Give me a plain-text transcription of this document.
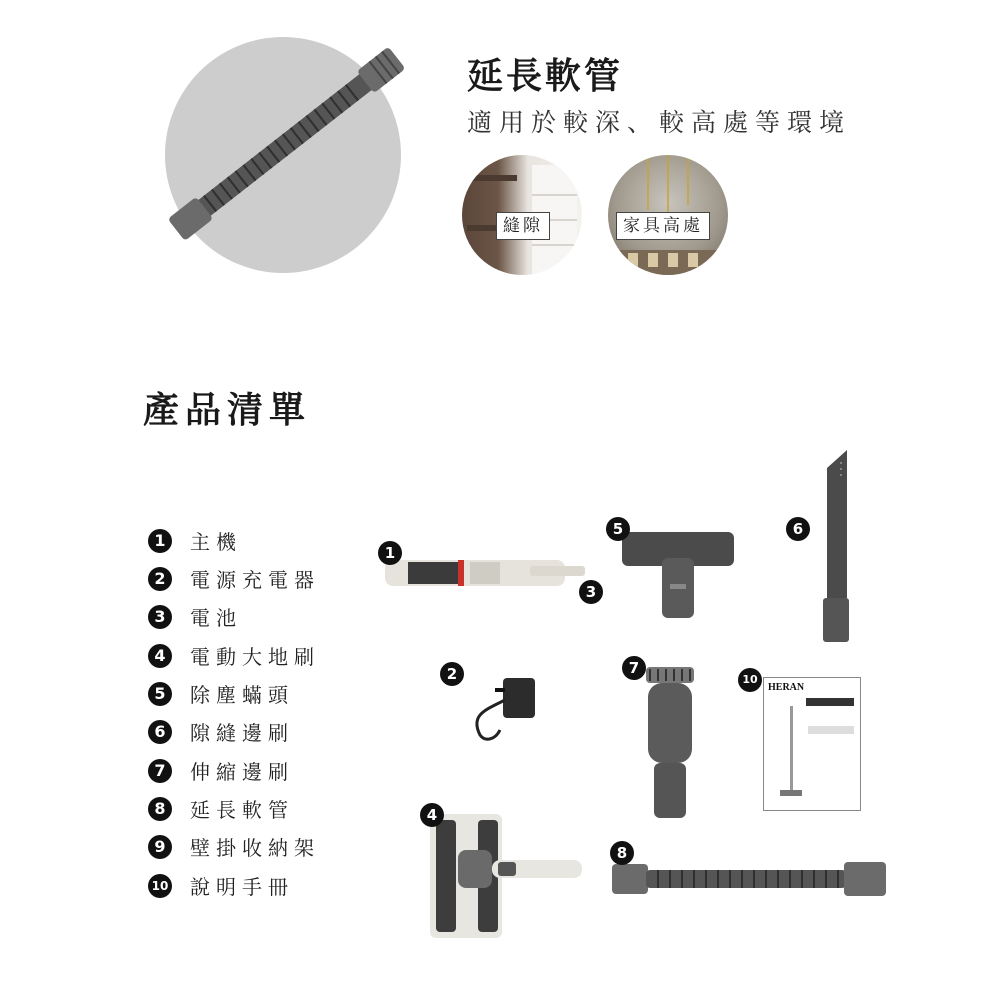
延長軟管
適用於較深、較高處等環境
縫隙	家具高處
產品清單
1 主機
2 電源充電器
3 電池
4 電動大地刷
5 除塵蟎頭
6 隙縫邊刷
7 伸縮邊刷
8 延長軟管
9 壁掛收納架
10 說明手冊
1
3
5	6
2	7
HERAN
10
4
8
